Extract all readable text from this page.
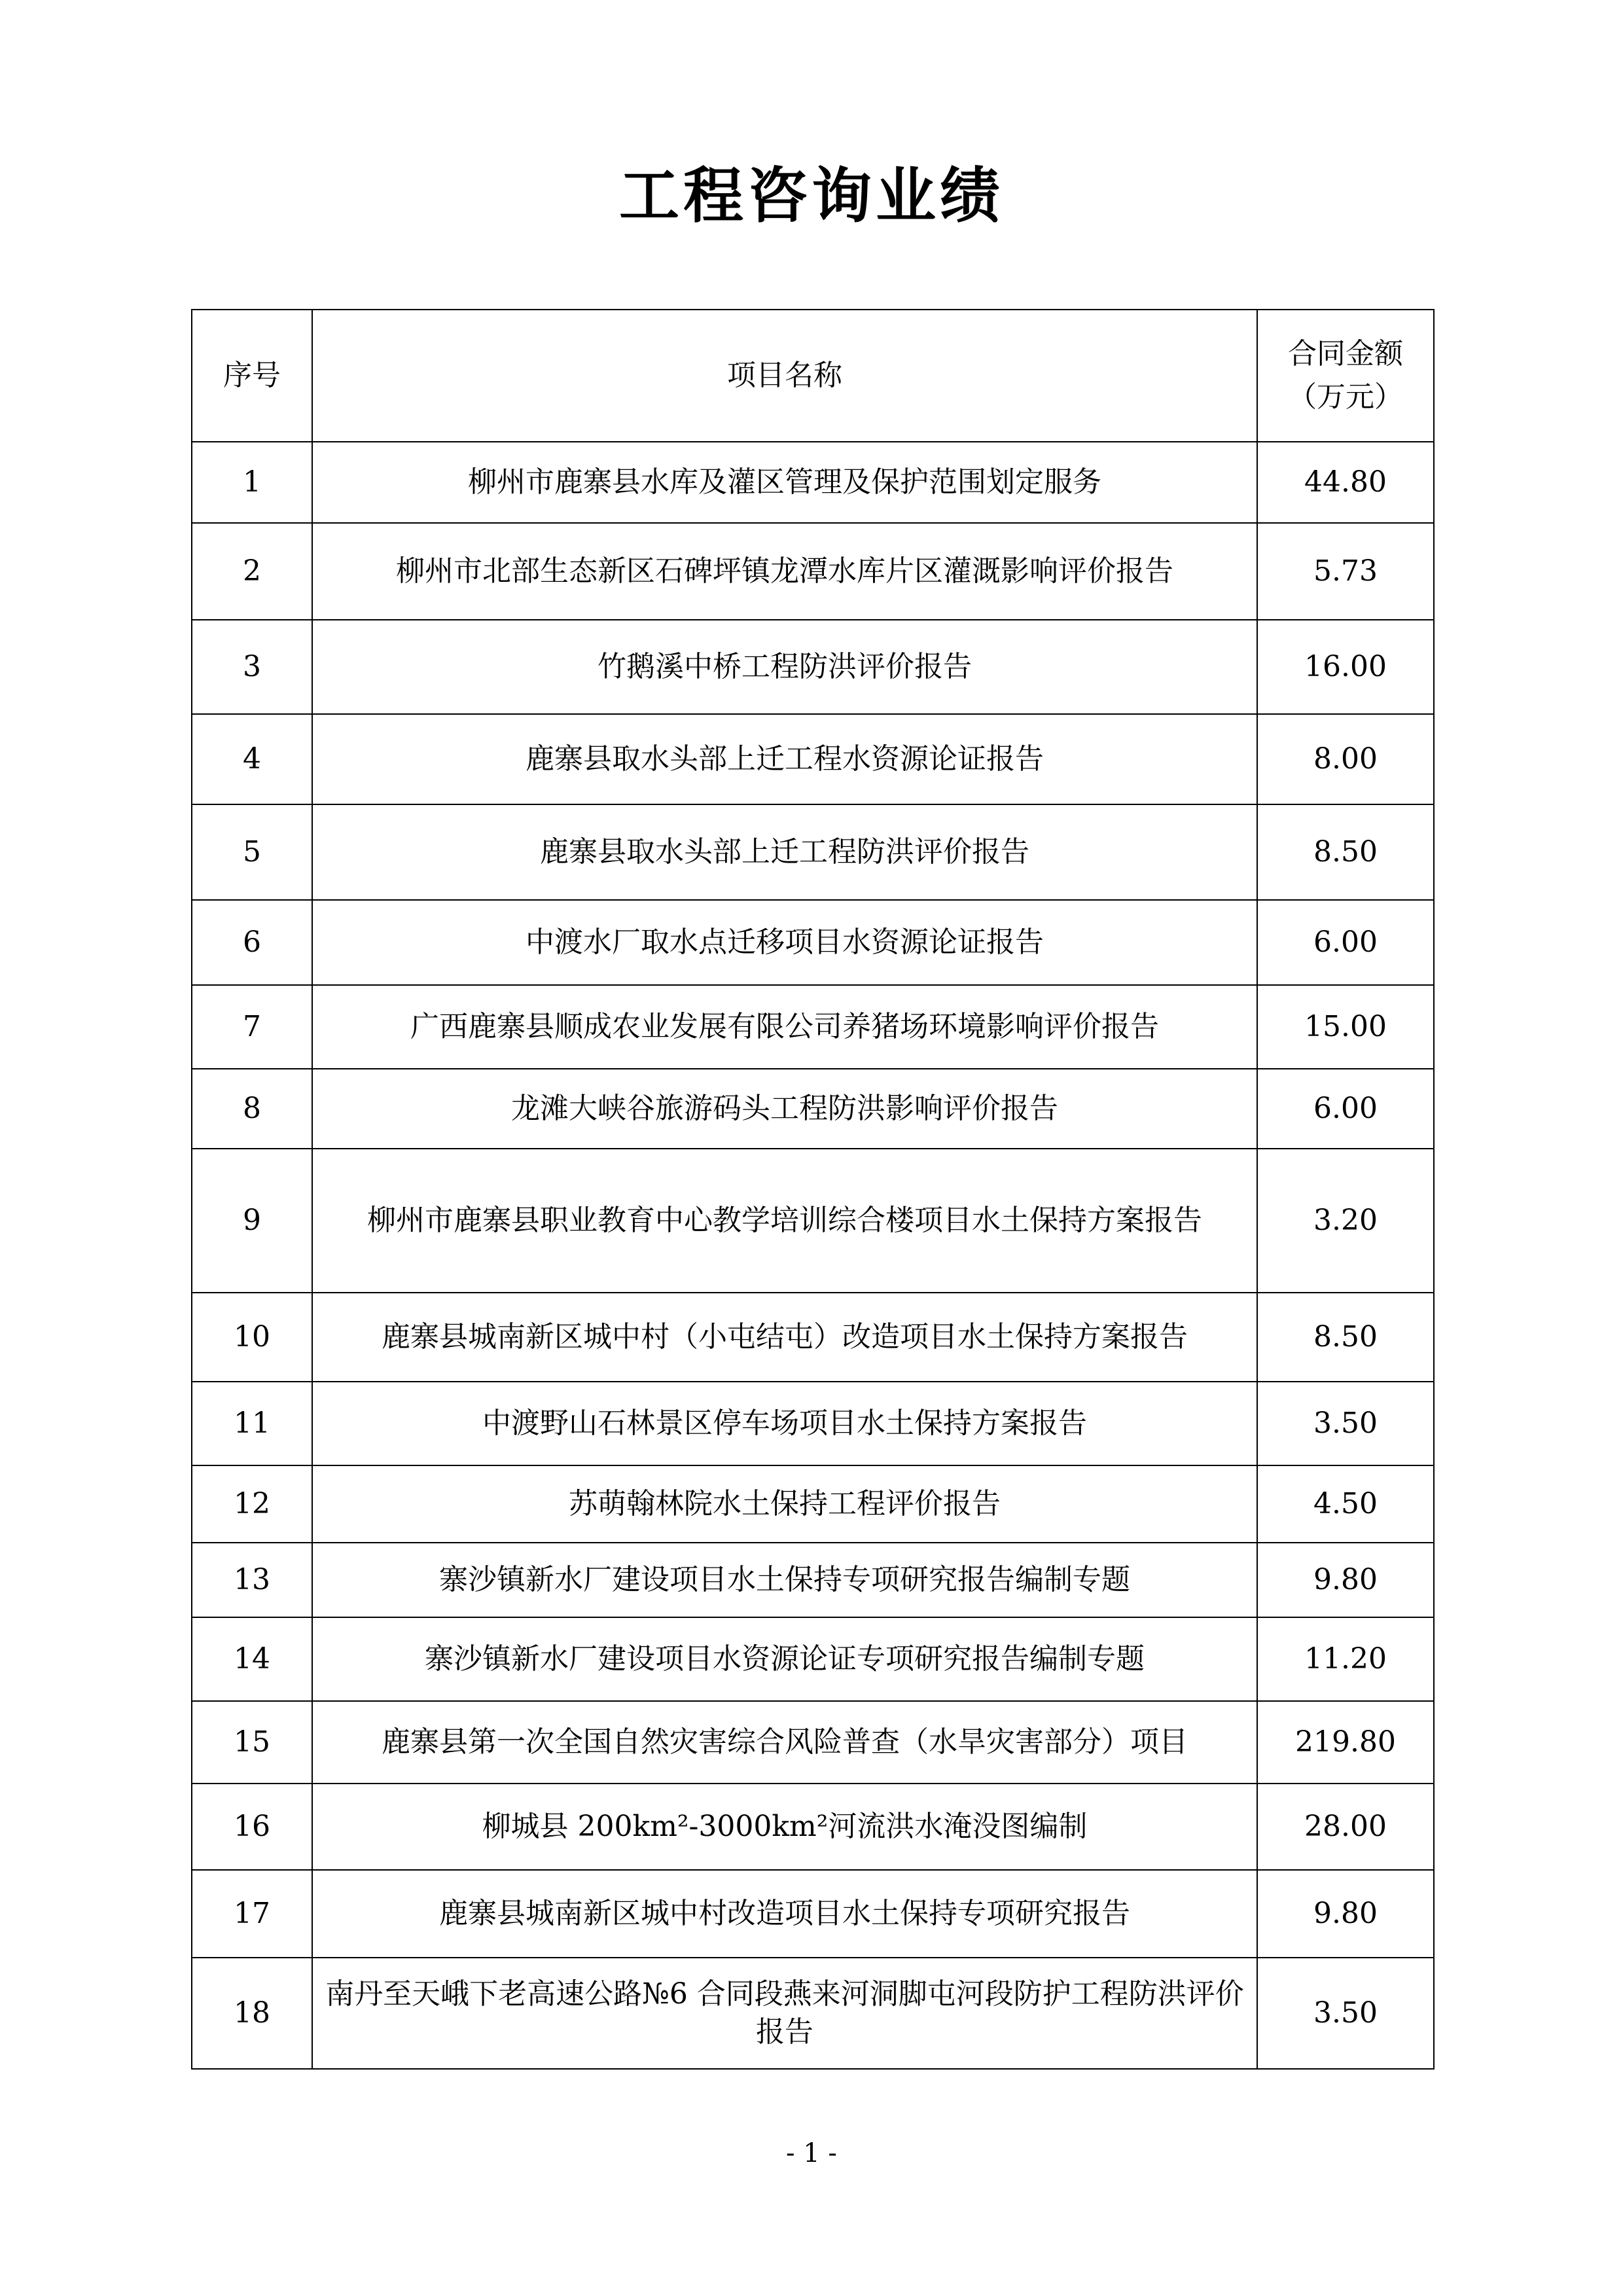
工程咨询业绩
序号	项目名称	合同金额
（万元）

1	柳州市鹿寨县水库及灌区管理及保护范围划定服务	44.80
2	柳州市北部生态新区石碑坪镇龙潭水库片区灌溉影响评价报告	5.73
3	竹鹅溪中桥工程防洪评价报告	16.00
4	鹿寨县取水头部上迁工程水资源论证报告	8.00
5	鹿寨县取水头部上迁工程防洪评价报告	8.50
6	中渡水厂取水点迁移项目水资源论证报告	6.00
7	广西鹿寨县顺成农业发展有限公司养猪场环境影响评价报告	15.00
8	龙滩大峡谷旅游码头工程防洪影响评价报告	6.00
9	柳州市鹿寨县职业教育中心教学培训综合楼项目水土保持方案报告	3.20
10	鹿寨县城南新区城中村（小屯结屯）改造项目水土保持方案报告	8.50
11	中渡野山石林景区停车场项目水土保持方案报告	3.50
12	苏萌翰林院水土保持工程评价报告	4.50
13	寨沙镇新水厂建设项目水土保持专项研究报告编制专题	9.80
14	寨沙镇新水厂建设项目水资源论证专项研究报告编制专题	11.20
15	鹿寨县第一次全国自然灾害综合风险普查（水旱灾害部分）项目	219.80
16	柳城县 200km²-3000km²河流洪水淹没图编制	28.00
17	鹿寨县城南新区城中村改造项目水土保持专项研究报告	9.80
18	南丹至天峨下老高速公路№6 合同段燕来河洞脚屯河段防护工程防洪评价报告	3.50
- 1 -
